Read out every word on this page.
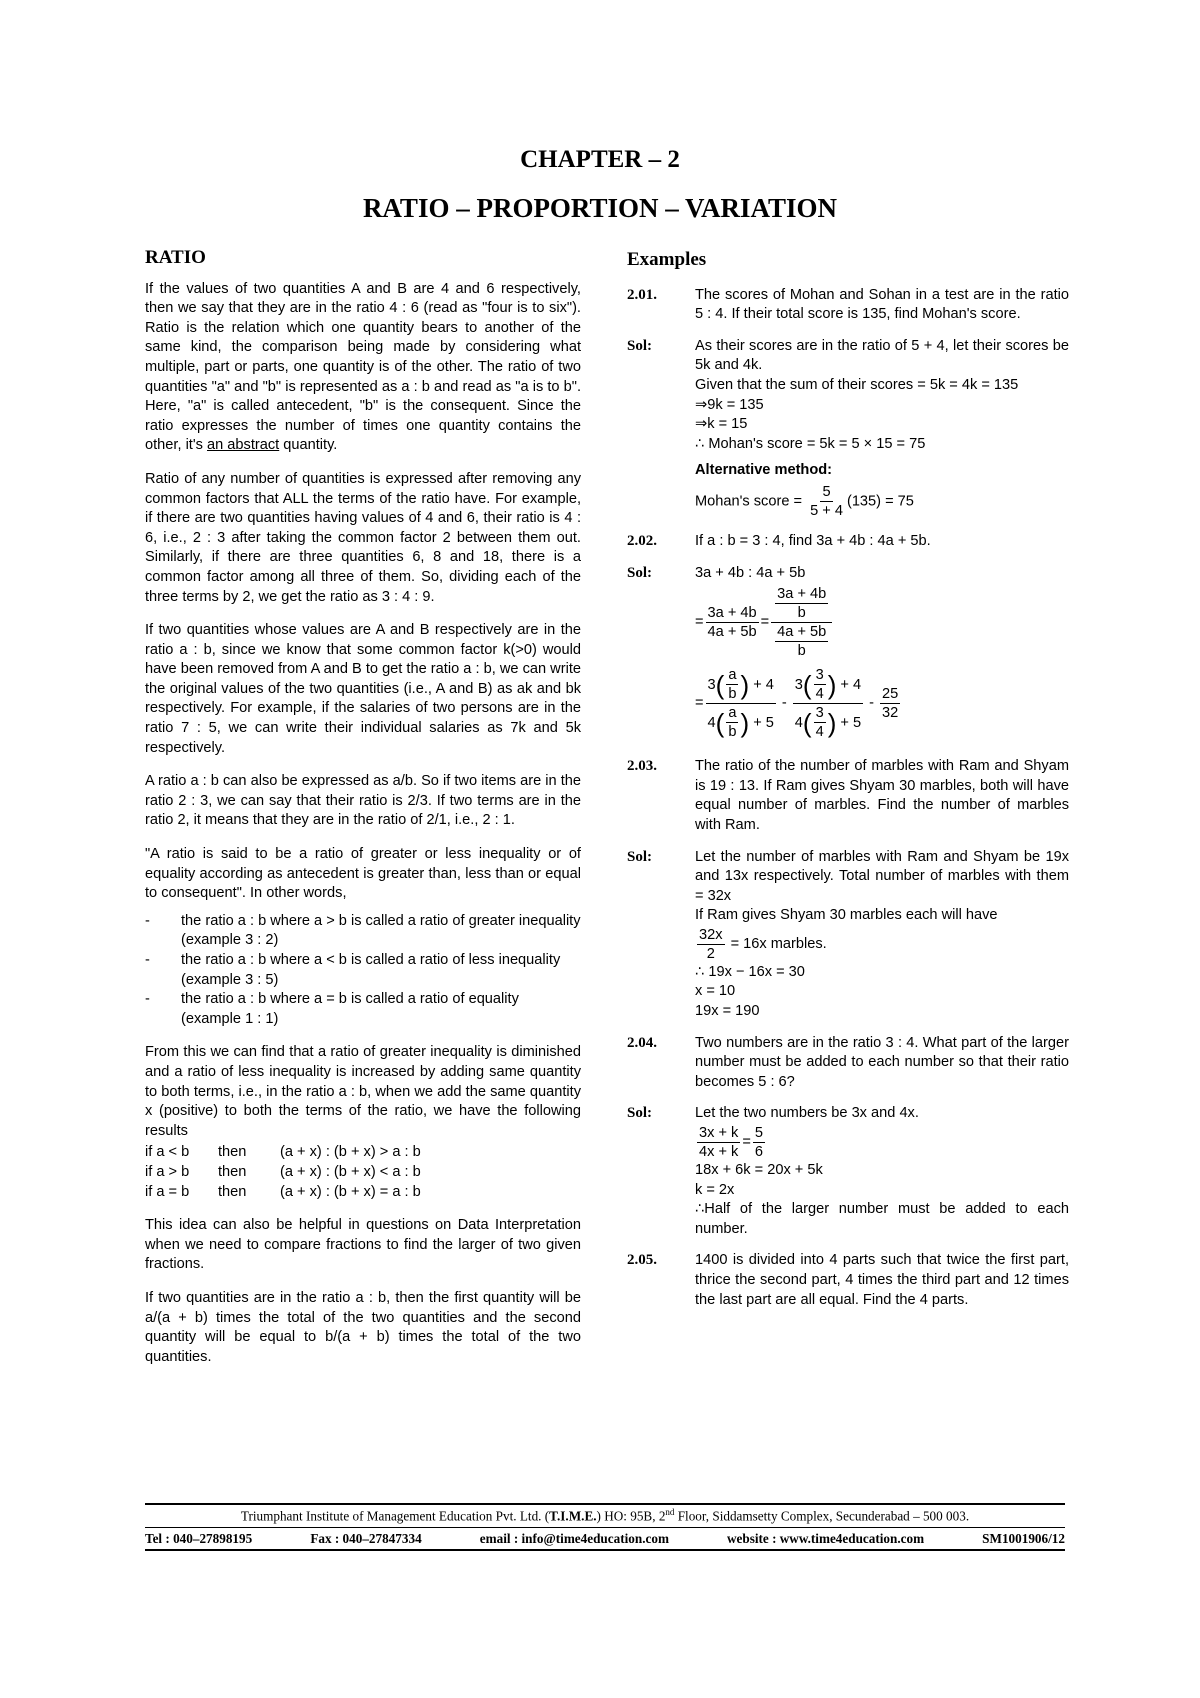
CHAPTER – 2
RATIO – PROPORTION – VARIATION
RATIO

If the values of two quantities A and B are 4 and 6 respectively, then we say that they are in the ratio 4 : 6 (read as "four is to six"). Ratio is the relation which one quantity bears to another of the same kind, the comparison being made by considering what multiple, part or parts, one quantity is of the other. The ratio of two quantities "a" and "b" is represented as a : b and read as "a is to b". Here, "a" is called antecedent, "b" is the consequent. Since the ratio expresses the number of times one quantity contains the other, it's an abstract quantity.

Ratio of any number of quantities is expressed after removing any common factors that ALL the terms of the ratio have. For example, if there are two quantities having values of 4 and 6, their ratio is 4 : 6, i.e., 2 : 3 after taking the common factor 2 between them out. Similarly, if there are three quantities 6, 8 and 18, there is a common factor among all three of them. So, dividing each of the three terms by 2, we get the ratio as 3 : 4 : 9.

If two quantities whose values are A and B respectively are in the ratio a : b, since we know that some common factor k(>0) would have been removed from A and B to get the ratio a : b, we can write the original values of the two quantities (i.e., A and B) as ak and bk respectively. For example, if the salaries of two persons are in the ratio 7 : 5, we can write their individual salaries as 7k and 5k respectively.

A ratio a : b can also be expressed as a/b. So if two items are in the ratio 2 : 3, we can say that their ratio is 2/3. If two terms are in the ratio 2, it means that they are in the ratio of 2/1, i.e., 2 : 1.

"A ratio is said to be a ratio of greater or less inequality or of equality according as antecedent is greater than, less than or equal to consequent". In other words,

-	the ratio a : b where a > b is called a ratio of greater inequality (example 3 : 2)
-	the ratio a : b where a < b is called a ratio of less inequality (example 3 : 5)
-	the ratio a : b where a = b is called a ratio of equality (example 1 : 1)

From this we can find that a ratio of greater inequality is diminished and a ratio of less inequality is increased by adding same quantity to both terms, i.e., in the ratio a : b, when we add the same quantity x (positive) to both the terms of the ratio, we have the following results

if a < b	then	(a + x) : (b + x) > a : b
if a > b	then	(a + x) : (b + x) < a : b
if a = b	then	(a + x) : (b + x) = a : b

This idea can also be helpful in questions on Data Interpretation when we need to compare fractions to find the larger of two given fractions.

If two quantities are in the ratio a : b, then the first quantity will be a/(a + b) times the total of the two quantities and the second quantity will be equal to b/(a + b) times the total of the two quantities.

Examples
2.01.	The scores of Mohan and Sohan in a test are in the ratio 5 : 4. If their total score is 135, find Mohan's score.
Sol:	As their scores are in the ratio of 5 + 4, let their scores be 5k and 4k.
Given that the sum of their scores = 5k = 4k = 135
⇒9k = 135
⇒k = 15
∴ Mohan's score = 5k = 5 × 15 = 75
Alternative method:
Mohan's score = $\frac{5}{5 + 4} (135) = 75$
2.02.	If a : b = 3 : 4, find 3a + 4b : 4a + 5b.
Sol:	3a + 4b : 4a + 5b
= $\frac{3a + 4b}{4a + 5b} = \frac{\frac{3a + 4b}{b}}{\frac{4a + 5b}{b}}$
= 3 ( $\frac{a}{b}$ )
+ 4
4 ( $\frac{a}{b}$ )
+ 5 - 3 ( $\frac{3}{4}$ )
+ 4
4 ( $\frac{3}{4}$ )
+ $5 - \frac{25}{32}$
2.03.	The ratio of the number of marbles with Ram and Shyam is 19 : 13. If Ram gives Shyam 30 marbles, both will have equal number of marbles. Find the number of marbles with Ram.
Sol:	Let the number of marbles with Ram and Shyam be 19x and 13x respectively. Total number of marbles with them = 32x
If Ram gives Shyam 30 marbles each will have
$\frac{32x}{2}$
= 16x marbles.
∴ 19x − 16x = 30
x = 10
19x = 190
2.04.	Two numbers are in the ratio 3 : 4. What part of the larger number must be added to each number so that their ratio becomes 5 : 6?
Sol:	Let the two numbers be 3x and 4x.
$\frac{3x + k}{4x + k} = \frac{5}{6}$
18x + 6k = 20x + 5k
k = 2x
∴Half of the larger number must be added to each number.
2.05.	1400 is divided into 4 parts such that twice the first part, thrice the second part, 4 times the third part and 12 times the last part are all equal. Find the 4 parts.
Triumphant Institute of Management Education Pvt. Ltd. (T.I.M.E.) HO: 95B, 2nd Floor, Siddamsetty Complex, Secunderabad – 500 003.
Tel : 040–27898195	Fax : 040–27847334	email : info@time4education.com	website : www.time4education.com	SM1001906/12
